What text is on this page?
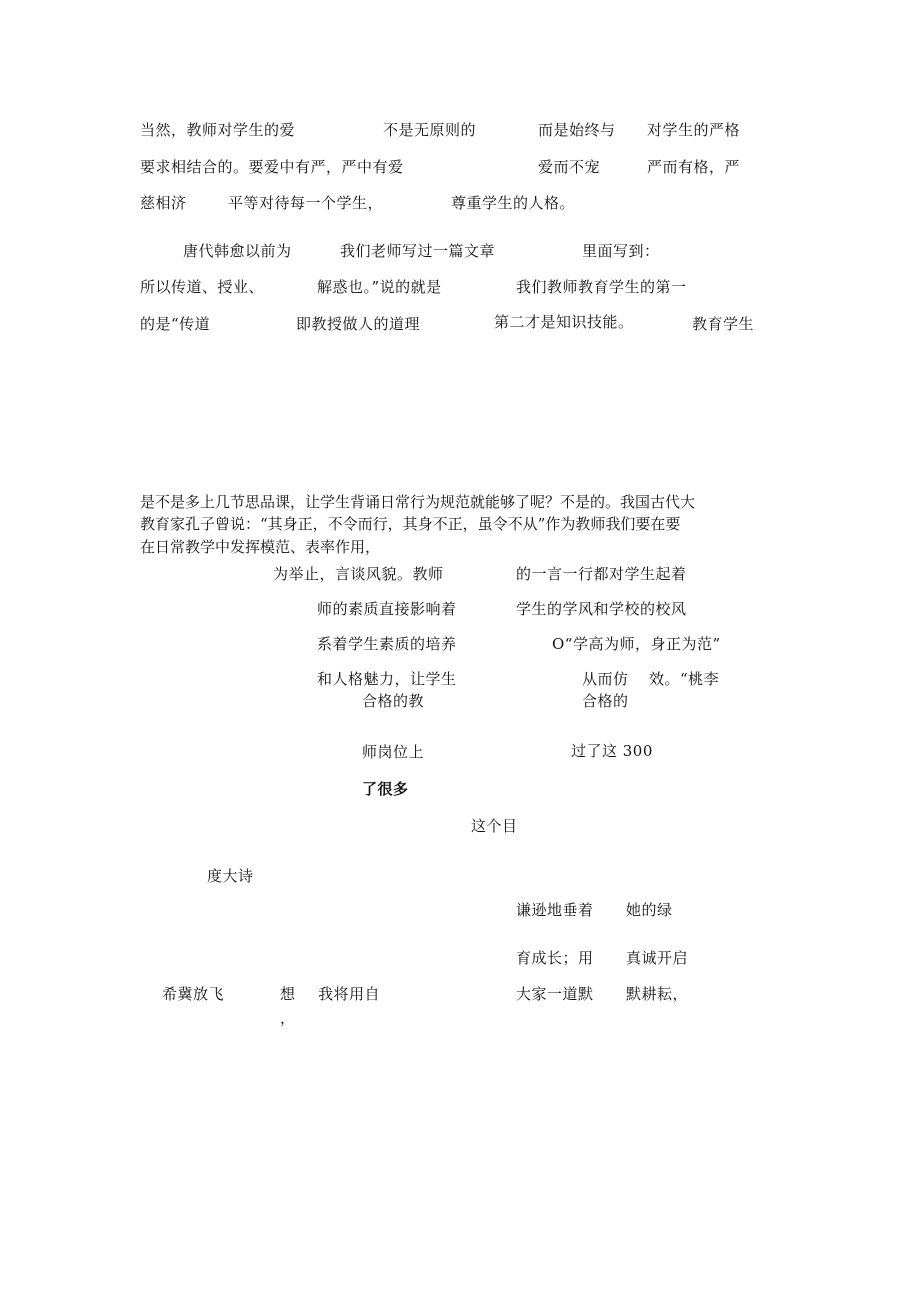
当然，教师对学生的爱	不是无原则的	而是始终与 对学生的严格
要求相结合的。要爱中有严，严中有爱	爱而不宠	严而有格，严
慈相济	平等对待每一个学生，	尊重学生的人格。
唐代韩愈以前为	我们老师写过一篇文章	里面写到：
所以传道、授业、	解惑也。”说的就是	我们教师教育学生的第一
的是“传道	即教授做人的道理	第二才是知识技能。	教育学生
是不是多上几节思品课，让学生背诵日常行为规范就能够了呢？不是的。我国古代大
教育家孔子曾说：“其身正，不令而行，其身不正，虽令不从”作为教师我们要在要
在日常教学中发挥模范、表率作用，
为举止，言谈风貌。教师	的一言一行都对学生起着
师的素质直接影响着	学生的学风和学校的校风
系着学生素质的培养	O“学高为师，身正为范”
和人格魅力，让学生	从而仿 效。“桃李
合格的教	合格的
师岗位上	过了这 300
了很多
这个目
度大诗
谦逊地垂着 她的绿
育成长；用 真诚开启
希冀放飞	想 我将用自	大家一道默 默耕耘，
，
